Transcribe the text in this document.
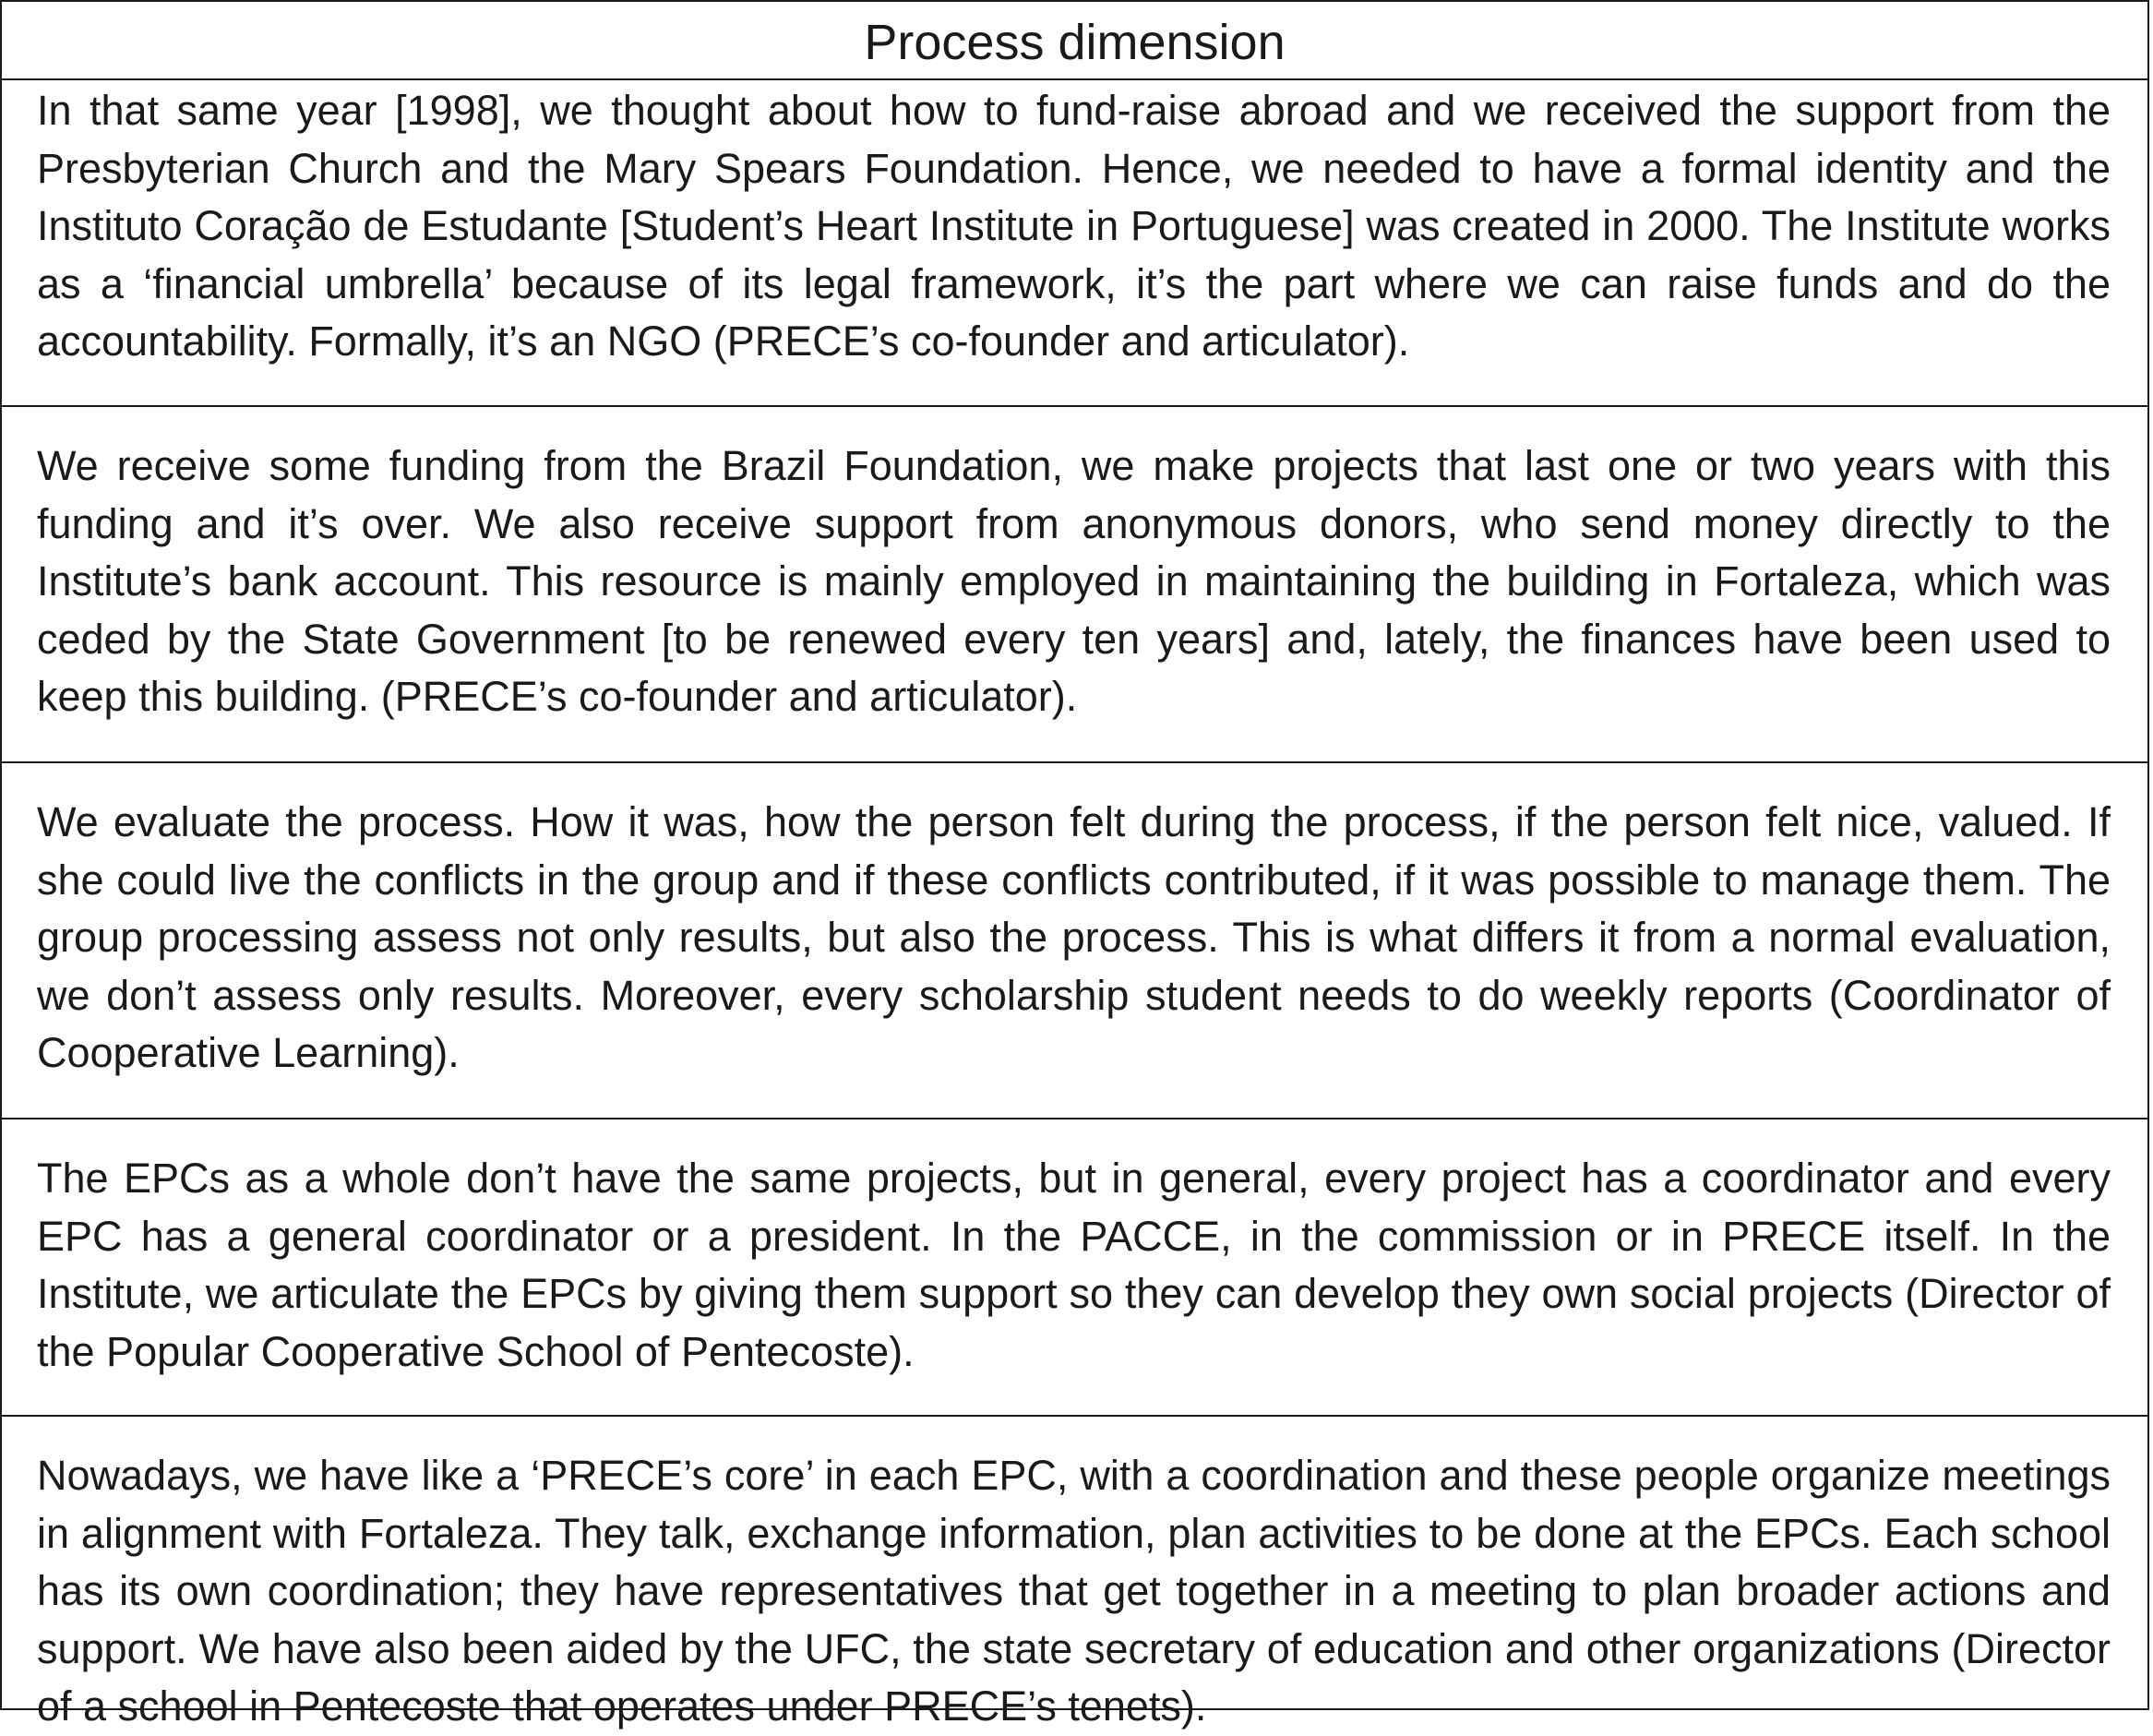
Process dimension

In that same year [1998], we thought about how to fund-raise abroad and we received the support from the Presbyterian Church and the Mary Spears Foundation. Hence, we needed to have a formal identity and the Instituto Coração de Estudante [Student’s Heart Institute in Portuguese] was created in 2000. The Institute works as a ‘financial umbrella’ because of its legal framework, it’s the part where we can raise funds and do the accountability. Formally, it’s an NGO (PRECE’s co-founder and articulator).

We receive some funding from the Brazil Foundation, we make projects that last one or two years with this funding and it’s over. We also receive support from anonymous donors, who send money directly to the Institute’s bank account. This resource is mainly employed in maintaining the building in Fortaleza, which was ceded by the State Government [to be renewed every ten years] and, lately, the finances have been used to keep this building. (PRECE’s co-founder and articulator).

We evaluate the process. How it was, how the person felt during the process, if the person felt nice, valued. If she could live the conflicts in the group and if these conflicts contributed, if it was possible to manage them. The group processing assess not only results, but also the process. This is what differs it from a normal evaluation, we don’t assess only results. Moreover, every scholarship student needs to do weekly reports (Coordinator of Cooperative Learning).

The EPCs as a whole don’t have the same projects, but in general, every project has a coordinator and every EPC has a general coordinator or a president. In the PACCE, in the commission or in PRECE itself. In the Institute, we articulate the EPCs by giving them support so they can develop they own social projects (Director of the Popular Cooperative School of Pentecoste).

Nowadays, we have like a ‘PRECE’s core’ in each EPC, with a coordination and these people organize meetings in alignment with Fortaleza. They talk, exchange information, plan activities to be done at the EPCs. Each school has its own coordination; they have representatives that get together in a meeting to plan broader actions and support. We have also been aided by the UFC, the state secretary of education and other organizations (Director of a school in Pentecoste that operates under PRECE’s tenets).
